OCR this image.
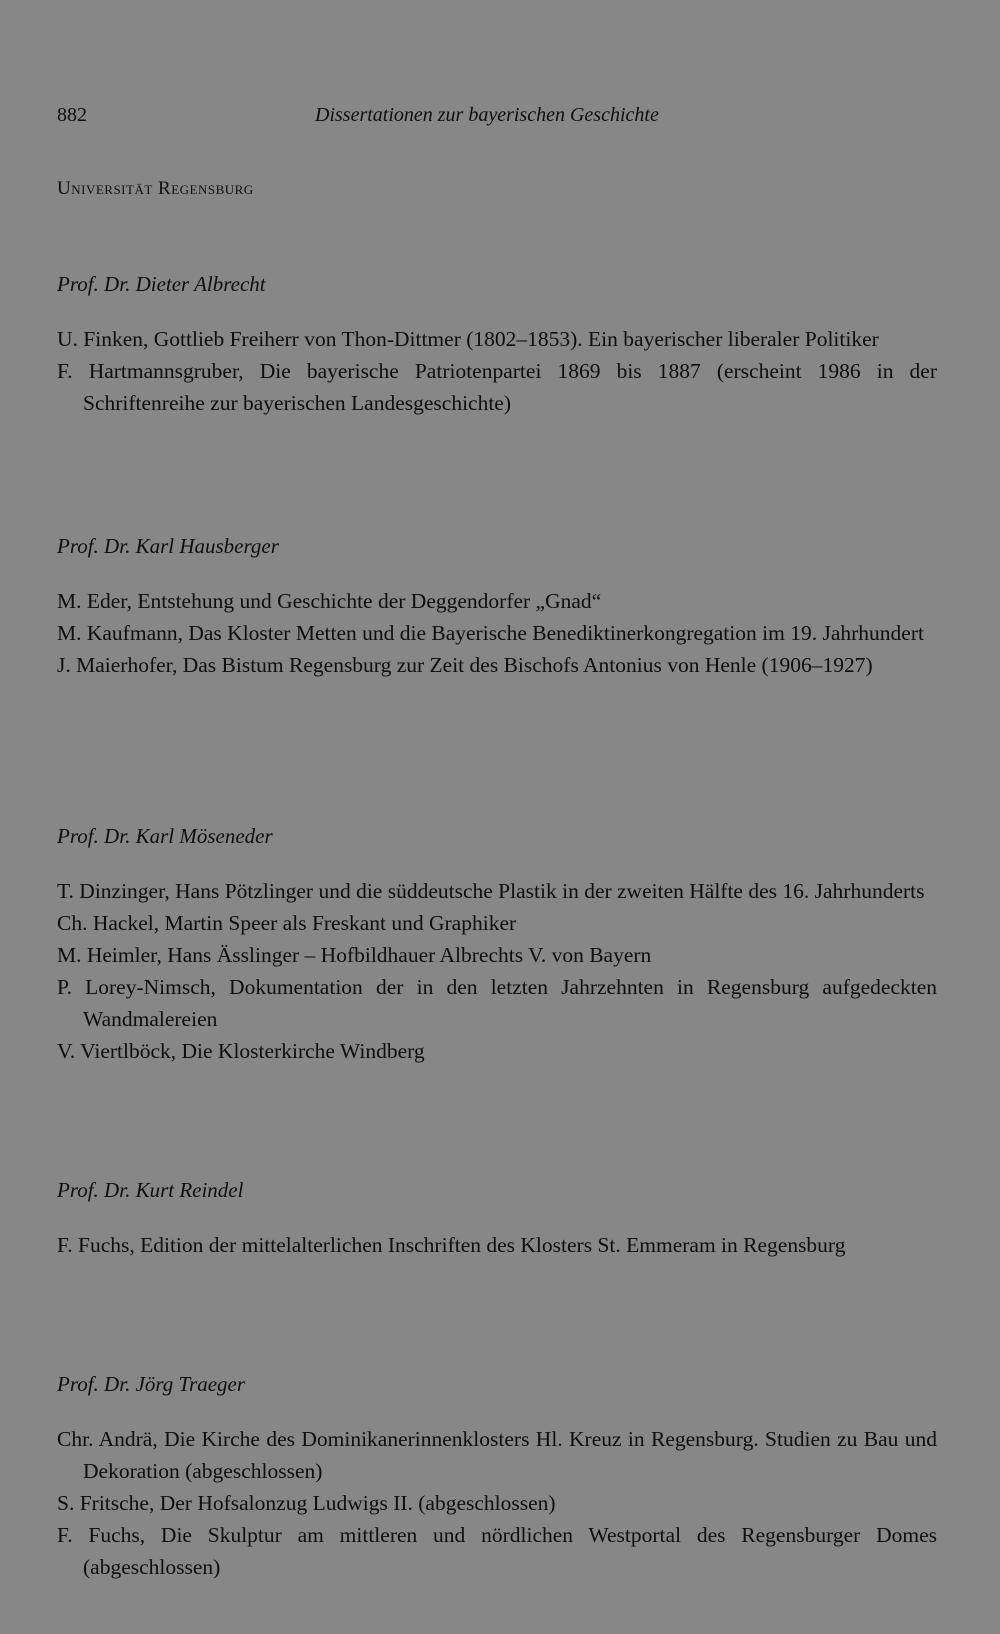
882	Dissertationen zur bayerischen Geschichte
Universität Regensburg
Prof. Dr. Dieter Albrecht

U. Finken, Gottlieb Freiherr von Thon-Dittmer (1802–1853). Ein bayerischer liberaler Politiker

F. Hartmannsgruber, Die bayerische Patriotenpartei 1869 bis 1887 (erscheint 1986 in der Schriftenreihe zur bayerischen Landesgeschichte)

Prof. Dr. Karl Hausberger

M. Eder, Entstehung und Geschichte der Deggendorfer „Gnad“

M. Kaufmann, Das Kloster Metten und die Bayerische Benediktinerkongregation im 19. Jahrhundert

J. Maierhofer, Das Bistum Regensburg zur Zeit des Bischofs Antonius von Henle (1906–1927)

Prof. Dr. Karl Möseneder

T. Dinzinger, Hans Pötzlinger und die süddeutsche Plastik in der zweiten Hälfte des 16. Jahrhunderts

Ch. Hackel, Martin Speer als Freskant und Graphiker

M. Heimler, Hans Ässlinger – Hofbildhauer Albrechts V. von Bayern

P. Lorey-Nimsch, Dokumentation der in den letzten Jahrzehnten in Regensburg aufgedeckten Wandmalereien

V. Viertlböck, Die Klosterkirche Windberg

Prof. Dr. Kurt Reindel

F. Fuchs, Edition der mittelalterlichen Inschriften des Klosters St. Emmeram in Regensburg

Prof. Dr. Jörg Traeger

Chr. Andrä, Die Kirche des Dominikanerinnenklosters Hl. Kreuz in Regensburg. Studien zu Bau und Dekoration (abgeschlossen)

S. Fritsche, Der Hofsalonzug Ludwigs II. (abgeschlossen)

F. Fuchs, Die Skulptur am mittleren und nördlichen Westportal des Regensburger Domes (abgeschlossen)
